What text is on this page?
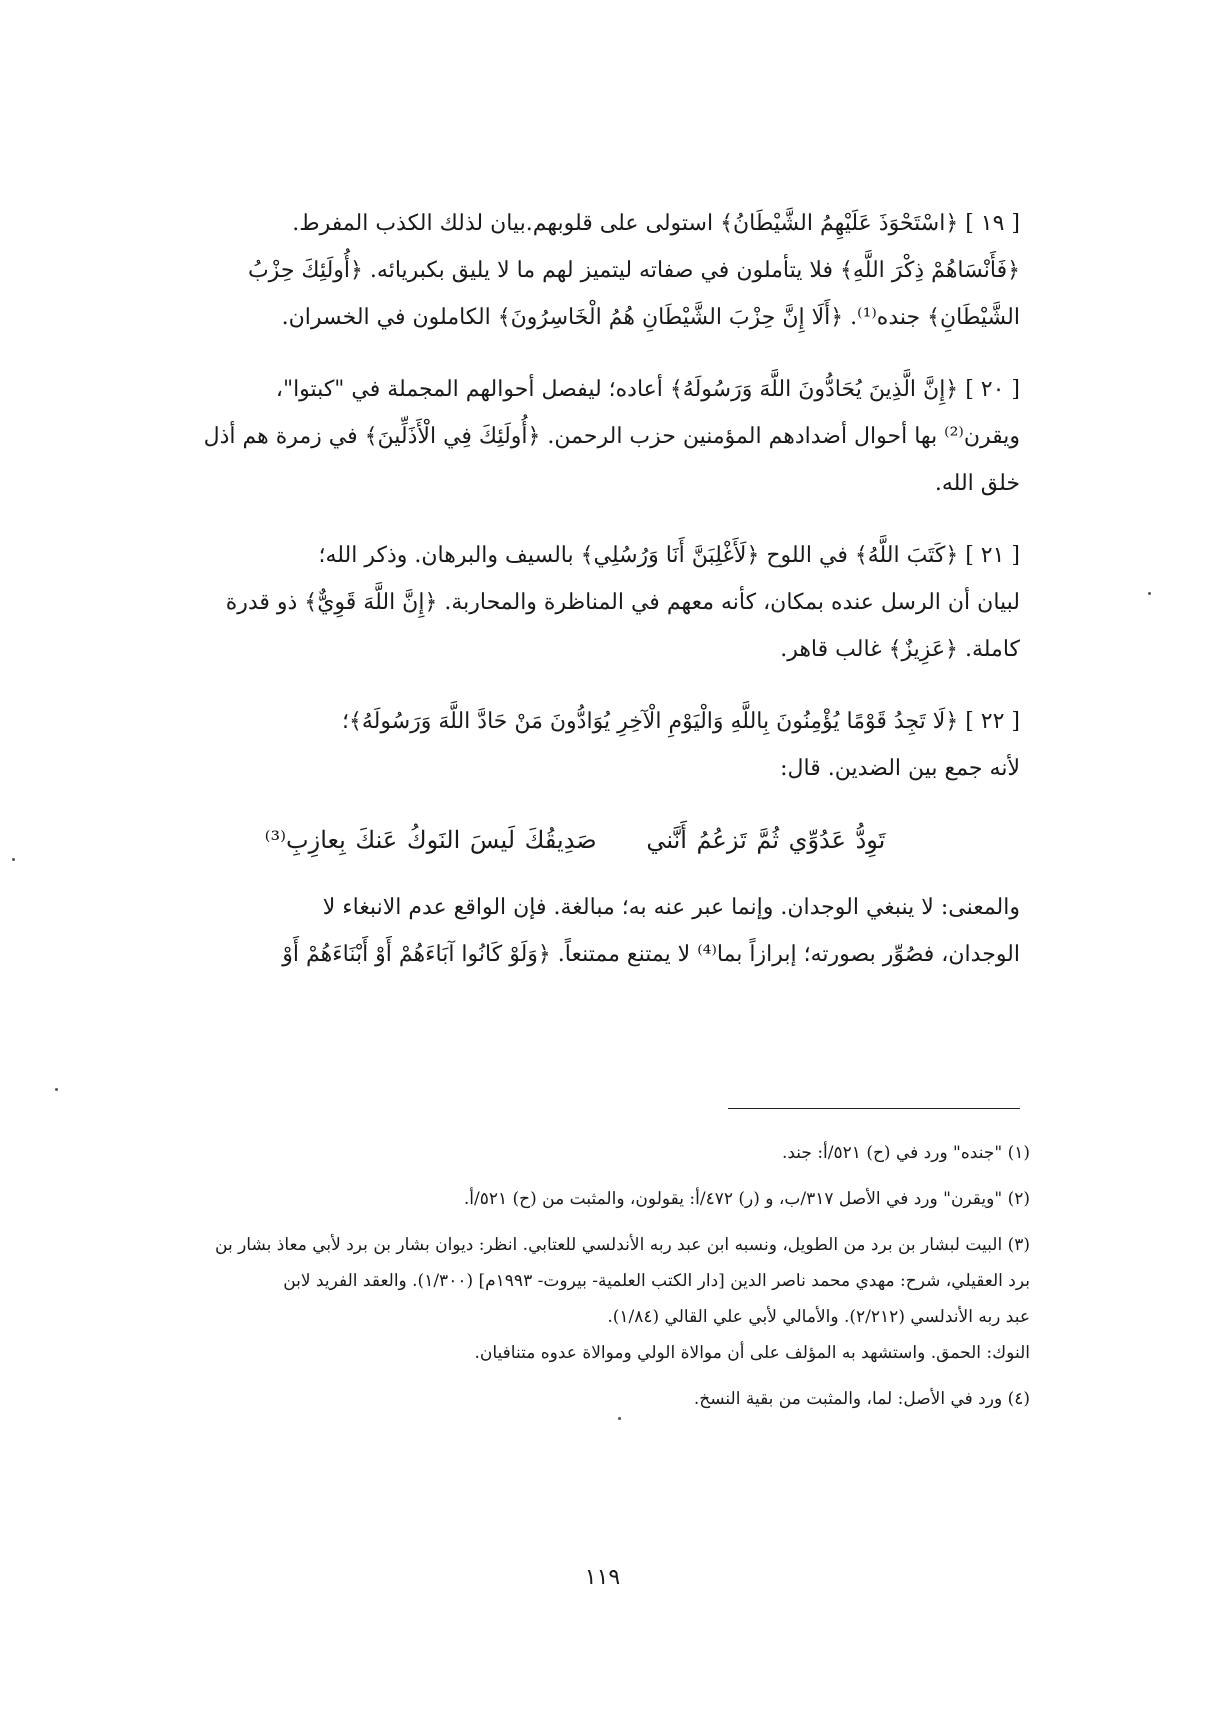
[ ١٩ ] ﴿اسْتَحْوَذَ عَلَيْهِمُ الشَّيْطَانُ﴾ استولى على قلوبهم.بيان لذلك الكذب المفرط.

﴿فَأَنْسَاهُمْ ذِكْرَ اللَّهِ﴾ فلا يتأملون في صفاته ليتميز لهم ما لا يليق بكبريائه. ﴿أُولَئِكَ حِزْبُ

الشَّيْطَانِ﴾ جنده⁽¹⁾. ﴿أَلَا إِنَّ حِزْبَ الشَّيْطَانِ هُمُ الْخَاسِرُونَ﴾ الكاملون في الخسران.

[ ٢٠ ] ﴿إِنَّ الَّذِينَ يُحَادُّونَ اللَّهَ وَرَسُولَهُ﴾ أعاده؛ ليفصل أحوالهم المجملة في "كبتوا"،

ويقرن⁽²⁾ بها أحوال أضدادهم المؤمنين حزب الرحمن. ﴿أُولَئِكَ فِي الْأَذَلِّينَ﴾ في زمرة هم أذل

خلق الله.

[ ٢١ ] ﴿كَتَبَ اللَّهُ﴾ في اللوح ﴿لَأَغْلِبَنَّ أَنَا وَرُسُلِي﴾ بالسيف والبرهان. وذكر الله؛

لبيان أن الرسل عنده بمكان، كأنه معهم في المناظرة والمحاربة. ﴿إِنَّ اللَّهَ قَوِيٌّ﴾ ذو قدرة

كاملة. ﴿عَزِيزٌ﴾ غالب قاهر.

[ ٢٢ ] ﴿لَا تَجِدُ قَوْمًا يُؤْمِنُونَ بِاللَّهِ وَالْيَوْمِ الْآخِرِ يُوَادُّونَ مَنْ حَادَّ اللَّهَ وَرَسُولَهُ﴾؛

لأنه جمع بين الضدين. قال:

تَوِدُّ عَدُوِّي ثُمَّ تَزعُمُ أَنَّني صَدِيقُكَ لَيسَ النَوكُ عَنكَ بِعازِبِ⁽³⁾

والمعنى: لا ينبغي الوجدان. وإنما عبر عنه به؛ مبالغة. فإن الواقع عدم الانبغاء لا

الوجدان، فصُوِّر بصورته؛ إبرازاً بما⁽⁴⁾ لا يمتنع ممتنعاً. ﴿وَلَوْ كَانُوا آبَاءَهُمْ أَوْ أَبْنَاءَهُمْ أَوْ

(١) "جنده" ورد في (ح) ٥٢١/أ: جند.

(٢) "ويقرن" ورد في الأصل ٣١٧/ب، و (ر) ٤٧٢/أ: يقولون، والمثبت من (ح) ٥٢١/أ.

(٣) البيت لبشار بن برد من الطويل، ونسبه ابن عبد ربه الأندلسي للعتابي. انظر: ديوان بشار بن برد لأبي معاذ بشار بن

برد العقيلي، شرح: مهدي محمد ناصر الدين [دار الكتب العلمية- بيروت- ١٩٩٣م] (١/٣٠٠). والعقد الفريد لابن

عبد ربه الأندلسي (٢/٢١٢). والأمالي لأبي علي القالي (١/٨٤).

النوك: الحمق. واستشهد به المؤلف على أن موالاة الولي وموالاة عدوه متنافيان.

(٤) ورد في الأصل: لما، والمثبت من بقية النسخ.

١١٩
